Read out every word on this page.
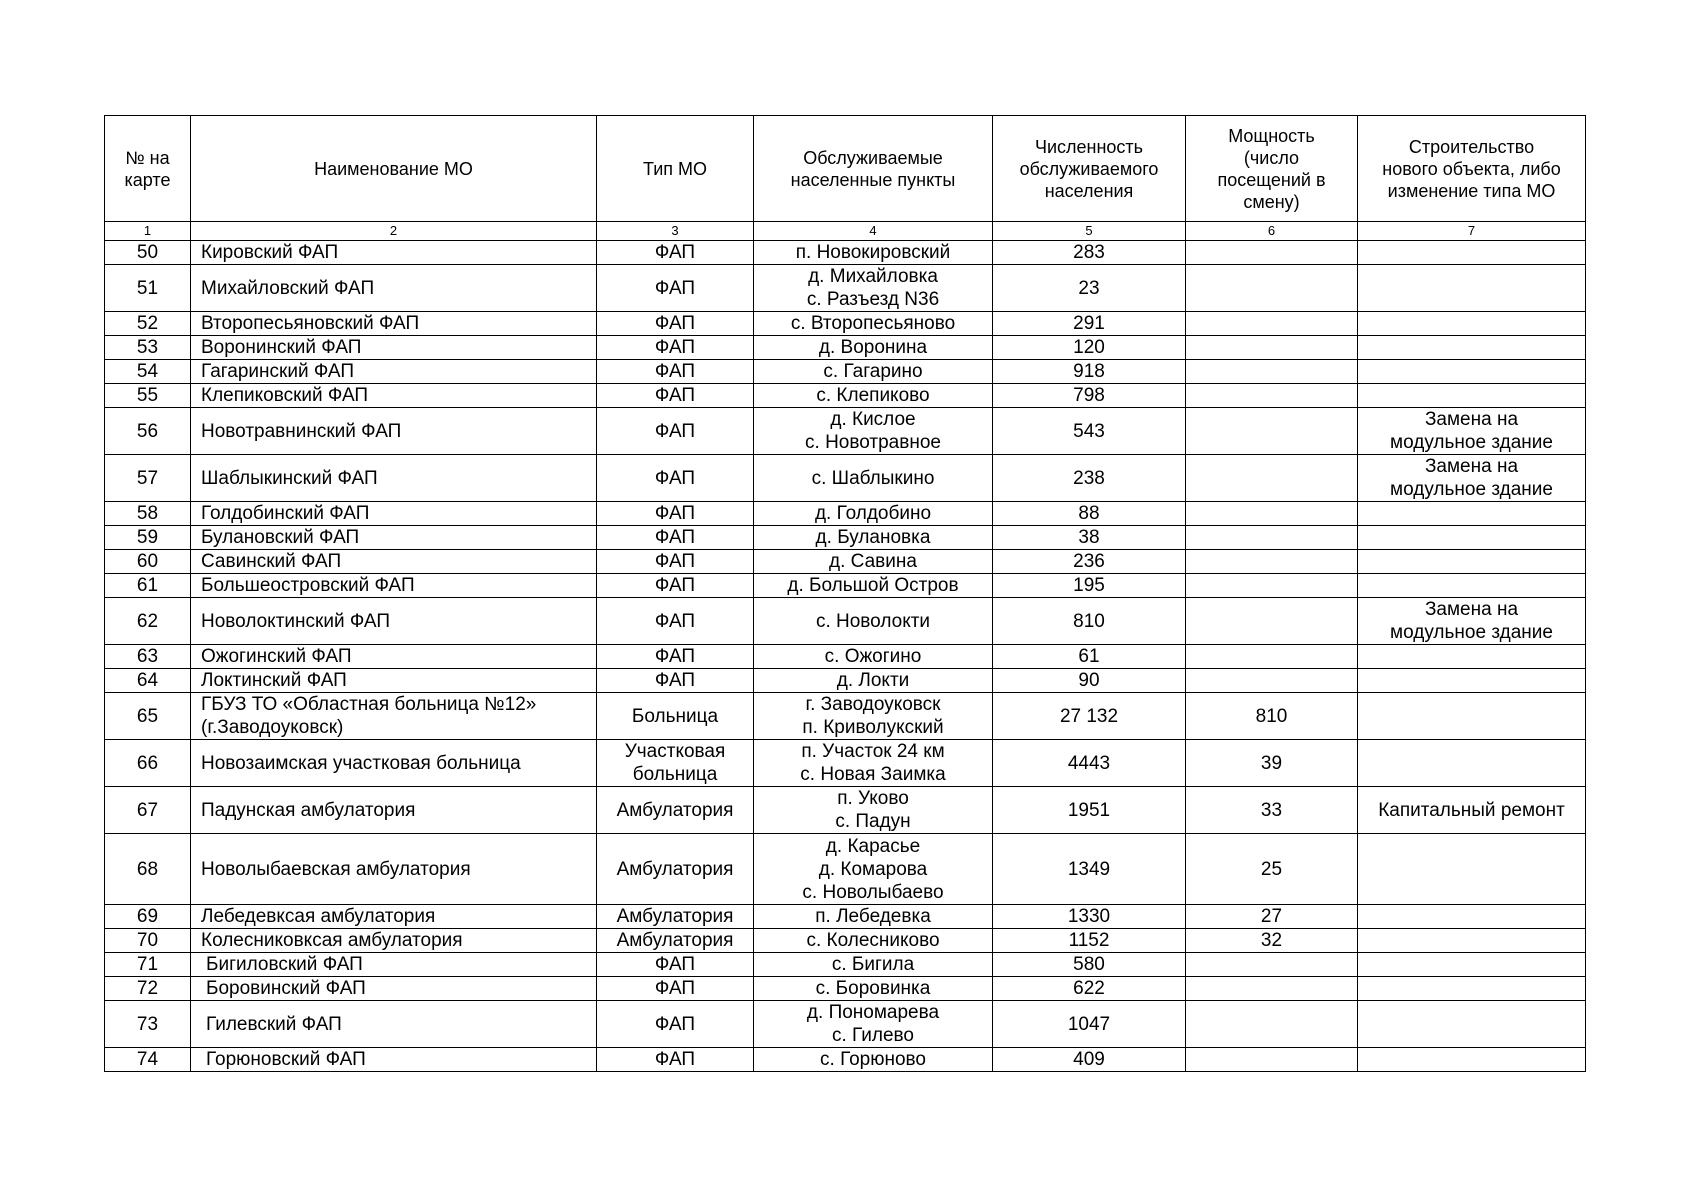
№ на
карте	Наименование МО	Тип МО	Обслуживаемые
населенные пункты	Численность
обслуживаемого
населения	Мощность
(число
посещений в
смену)	Строительство
нового объекта, либо
изменение типа МО

1	2	3	4	5	6	7
50	Кировский ФАП	ФАП	п. Новокировский	283		
51	Михайловский ФАП	ФАП	д. Михайловка
с. Разъезд N36	23		
52	Второпесьяновский ФАП	ФАП	с. Второпесьяново	291		
53	Воронинский ФАП	ФАП	д. Воронина	120		
54	Гагаринский ФАП	ФАП	с. Гагарино	918		
55	Клепиковский ФАП	ФАП	с. Клепиково	798		
56	Новотравнинский ФАП	ФАП	д. Кислое
с. Новотравное	543		Замена на
модульное здание

57	Шаблыкинский ФАП	ФАП	с. Шаблыкино	238		Замена на
модульное здание

58	Голдобинский ФАП	ФАП	д. Голдобино	88		
59	Булановский ФАП	ФАП	д. Булановка	38		
60	Савинский ФАП	ФАП	д. Савина	236		
61	Большеостровский ФАП	ФАП	д. Большой Остров	195		
62	Новолоктинский ФАП	ФАП	с. Новолокти	810		Замена на
модульное здание

63	Ожогинский ФАП	ФАП	с. Ожогино	61		
64	Локтинский ФАП	ФАП	д. Локти	90		
65	ГБУЗ ТО «Областная больница №12»
(г.Заводоуковск)	Больница	г. Заводоуковск
п. Криволукский	27 132	810	
66	Новозаимская участковая больница	Участковая
больница	п. Участок 24 км
с. Новая Заимка	4443	39	
67	Падунская амбулатория	Амбулатория	п. Уково
с. Падун	1951	33	Капитальный ремонт

68	Новолыбаевская амбулатория	Амбулатория	д. Карасье
д. Комарова
с. Новолыбаево	1349	25	
69	Лебедевксая амбулатория	Амбулатория	п. Лебедевка	1330	27	
70	Колесниковксая амбулатория	Амбулатория	с. Колесниково	1152	32	
71	Бигиловский ФАП	ФАП	с. Бигила	580		
72	Боровинский ФАП	ФАП	с. Боровинка	622		
73	Гилевский ФАП	ФАП	д. Пономарева
с. Гилево	1047		
74	Горюновский ФАП	ФАП	с. Горюново	409		
